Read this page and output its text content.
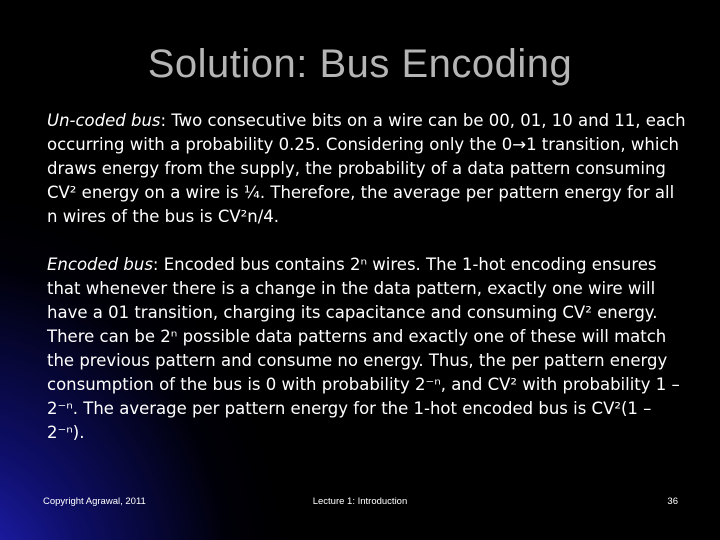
Solution: Bus Encoding
Un-coded bus: Two consecutive bits on a wire can be 00, 01, 10 and 11, each occurring with a probability 0.25. Considering only the 0→1 transition, which draws energy from the supply, the probability of a data pattern consuming CV² energy on a wire is ¼. Therefore, the average per pattern energy for all n wires of the bus is CV²n/4.
Encoded bus: Encoded bus contains 2ⁿ wires. The 1-hot encoding ensures that whenever there is a change in the data pattern, exactly one wire will have a 01 transition, charging its capacitance and consuming CV² energy. There can be 2ⁿ possible data patterns and exactly one of these will match the previous pattern and consume no energy. Thus, the per pattern energy consumption of the bus is 0 with probability 2⁻ⁿ, and CV² with probability 1 – 2⁻ⁿ. The average per pattern energy for the 1-hot encoded bus is CV²(1 – 2⁻ⁿ).
Copyright Agrawal, 2011	Lecture 1: Introduction	36
